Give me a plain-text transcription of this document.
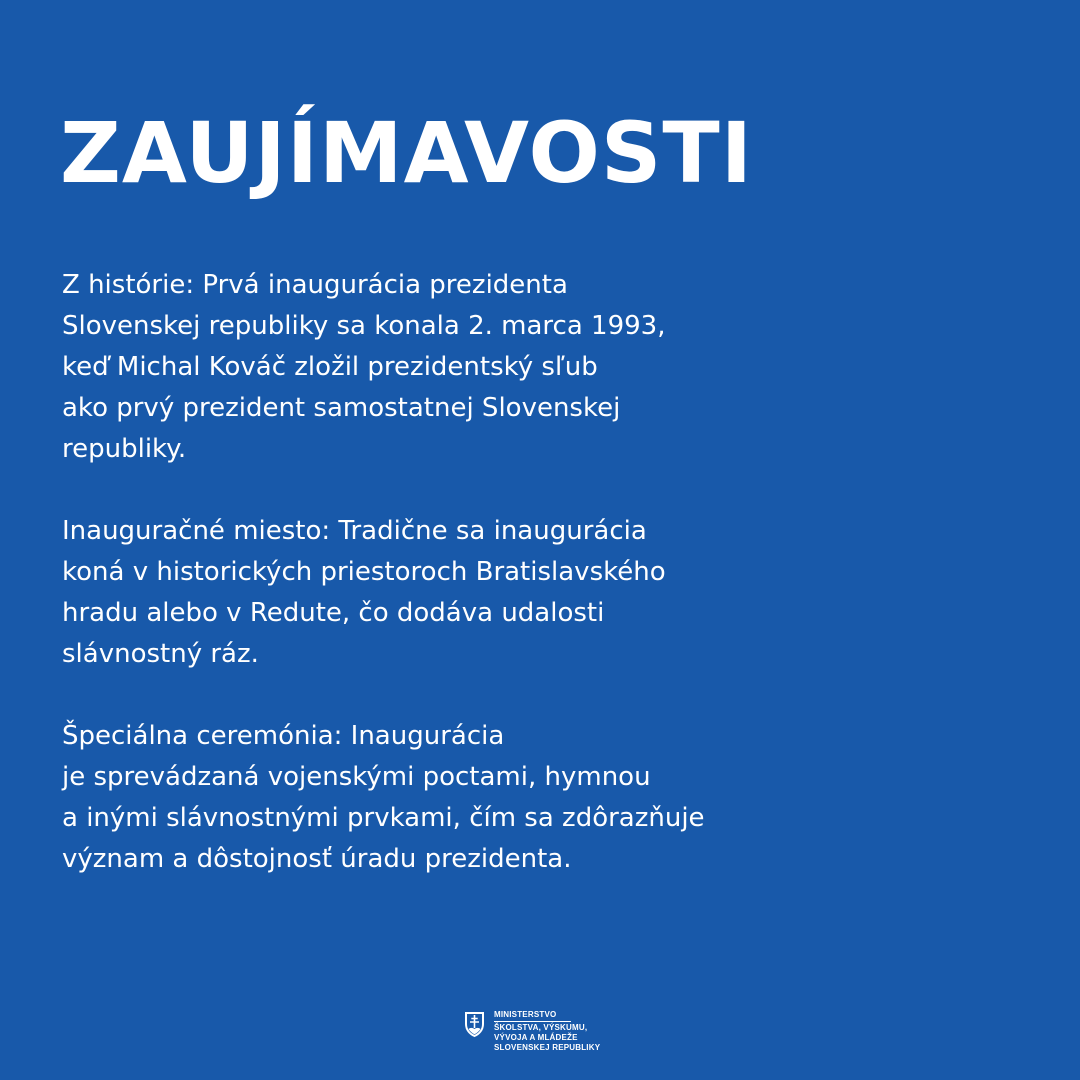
ZAUJÍMAVOSTI

Z histórie: Prvá inaugurácia prezidenta
Slovenskej republiky sa konala 2. marca 1993,
keď Michal Kováč zložil prezidentský sľub
ako prvý prezident samostatnej Slovenskej
republiky.

Inauguračné miesto: Tradične sa inaugurácia
koná v historických priestoroch Bratislavského
hradu alebo v Redute, čo dodáva udalosti
slávnostný ráz.

Špeciálna ceremónia: Inaugurácia
je sprevádzaná vojenskými poctami, hymnou
a inými slávnostnými prvkami, čím sa zdôrazňuje
význam a dôstojnosť úradu prezidenta.

MINISTERSTVO
ŠKOLSTVA, VÝSKUMU,
VÝVOJA A MLÁDEŽE
SLOVENSKEJ REPUBLIKY
